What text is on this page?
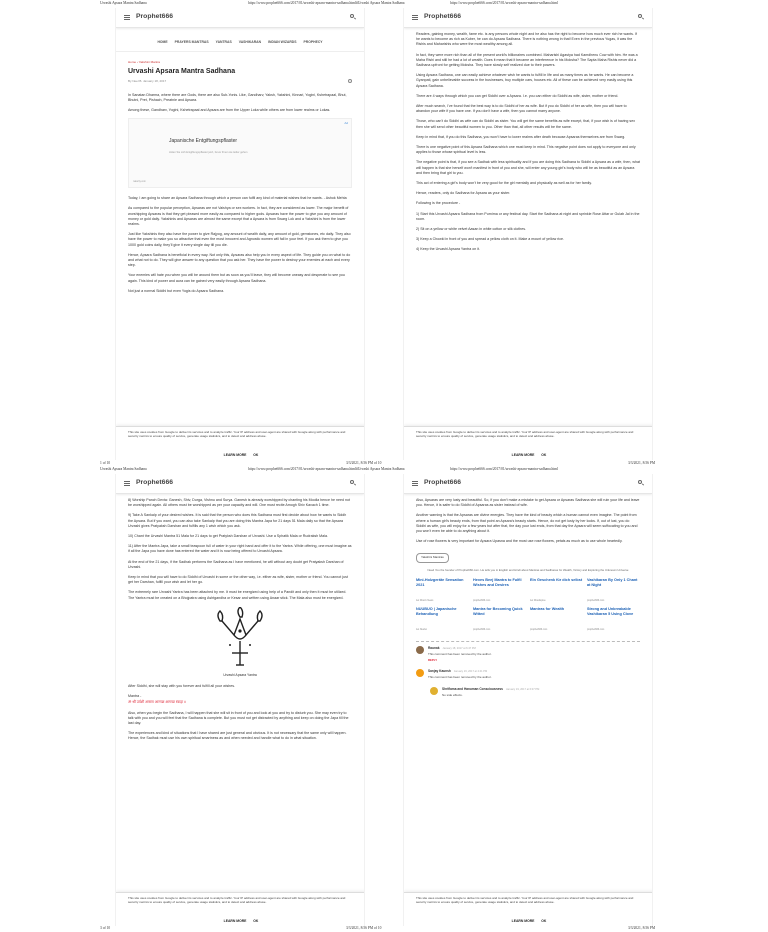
Urvashi Apsara Mantra Sadhana	https://www.prophet666.com/2017/01/urvashi-apsara-mantra-sadhana.html#Urvashi Apsara Mantra Sadhana	https://www.prophet666.com/2017/01/urvashi-apsara-mantra-sadhana.html
Urvashi Apsara Mantra Sadhana	https://www.prophet666.com/2017/01/urvashi-apsara-mantra-sadhana.html#Urvashi Apsara Mantra Sadhana	https://www.prophet666.com/2017/01/urvashi-apsara-mantra-sadhana.html
Prophet666
HOME PRAYERS MANTRAS YANTRAS VASHIKARAN INDIAN WIZARDS PROPHECY
Home › Yakshini Mantra
Urvashi Apsara Mantra Sadhana
By Neel B. January 18, 2017

In Sanatan Dharma, where there are Gods, there are also Sub-Yonis. Like, Gandharv, Yaksh, Yakshini, Kinnari, Yogini, Kshetrapaal, Bhut, Bhutni, Pret, Pishach, Preatnie and Apsara.

Among these, Gandharv, Yogini, Kshetrapaal and Apsara are from the Upper Loka while others are from lower realms or Lokas.

Ad
Japanische Entgiftungspflaster
Holen Sie sich Entgiftungspflaster jetzt, bevor Ihnen sie leider gehen
naturity.com

Today, I am going to share an Apsara Sadhana through which a person can fulfil any kind of material wishes that he wants. - Ashok Mehta

As compared to the popular perception, Apsaras are not Vaishya or sex workers. In fact, they are considered as lower. The major benefit of worshipping Apsaras is that they get pleased more easily as compared to higher gods. Apsaras have the power to give you any amount of money or gold daily. Yakshinis and Apsaras are almost the same except that a Apsara is from Swarg Lok and a Yakshini is from the lower realms.

Just like Yakshinis they also have the power to give Rajyog, any amount of wealth daily, any amount of gold, gemstones, etc daily. They also have the power to make you so attractive that even the most innocent and Agnostic women will fall in your feet. If you ask them to give you 1000 gold coins daily, they'll give it every single day till you die.

Hence, Apsara Sadhana is beneficial in every way. Not only this, Apsaras also help you in every aspect of life. They guide you on what to do and what not to do. They will give answer to any question that you ask her. They have the power to destroy your enemies at each and every step.

Your enemies will hate you when you will be around them but as soon as you'll leave, they will become uneasy and desperate to see you again. This kind of power and aura can be gained very easily through Apsara Sadhana.

Not just a normal Siddhi but even Yogis do Apsara Sadhana.

This site uses cookies from Google to deliver its services and to analyze traffic. Your IP address and user-agent are shared with Google along with performance and security metrics to ensure quality of service, generate usage statistics, and to detect and address abuse.
LEARN MORE OK
Prophet666

Readers, gaining money, wealth, fame etc. is any persons whole night and he also has the right to become how much ever rich he wants. If he wants to become as rich as Kuber, he can do Apsara Sadhana. There is nothing wrong in that! Even in the previous Yugas, it was the Rishis and Maharishis who were the most wealthy among all.

In fact, they were more rich than all of the present world's billionaires combined. Maharishi Agastya had Kamdhenu Cow with him. He was a Maha Rishi and still he had a lot of wealth. Does it mean that it became an interference in his Moksha? The Sapta Maha Rishis never did a Sadhana upfront for getting Moksha. They have slowly self realized due to their powers.

Using Apsara Sadhana, one can easily achieve whatever wish he wants to fulfill in life and as many times as he wants. He can become a Gyanpati, gain unbelievable success in the businesses, buy multiple cars, houses etc. All of these can be achieved very easily using this Apsara Sadhana.

There are 4 ways through which you can get Siddhi over a Apsara. I.e. you can either do Siddhi as wife, sister, mother or friend.

After much search, I've found that the best way is to do Siddhi of her as wife. But if you do Siddhi of her as wife, then you will have to abandon your wife if you have one. If you don't have a wife, then you cannot marry anyone.

Those, who can't do Siddhi as wife can do Siddhi as sister. You will get the same benefits as wife except, that, if your wish is of having sex then she will send other beautiful women to you. Other than that, all other results will be the same.

Keep in mind that, if you do this Sadhana, you won't have to lower realms after death because Apsaras themselves are from Swarg.

There is one negative point of this Apsara Sadhana which one must keep in mind. This negative point does not apply to everyone and only applies to those whose spiritual level is less.

The negative point is that, if you see a Sadhak with less spirituality and if you are doing this Sadhana to Siddhi a Apsara as a wife, then, what will happen is that she herself won't manifest in front of you and she, will enter any young girl's body who will be as beautiful as an Apsara and then bring that girl to you.

This act of entering a girl's body won't be very good for the girl mentally and physically as well as for her family.

Hence, readers, only do Sadhana for Apsara as your sister.

Following is the procedure -

1) Start this Urvashi Apsara Sadhana from Purnima or any festival day. Start the Sadhana at night and sprinkle Rose Attar or Gulab Jal in the room.

2) Sit on a yellow or white velvet Aasan in white cotton or silk clothes.

3) Keep a Chowki in front of you and spread a yellow cloth on it. Make a mount of yellow rice.

4) Keep the Urvashi Apsara Yantra on it.

This site uses cookies from Google to deliver its services and to analyze traffic. Your IP address and user-agent are shared with Google along with performance and security metrics to ensure quality of service, generate usage statistics, and to detect and address abuse.
LEARN MORE OK
1 of 10	3/3/2021, 8:56 PM of 10	3/3/2021, 8:56 PM
Prophet666

8) Worship Panch Devta: Ganesh, Shiv, Durga, Vishnu and Surya. Ganesh is already worshipped by chanting his Moolla hence he need not be worshipped again. All others must be worshipped as per your capacity and will. One must recite Amogh Shiv Kavach 1 time.

9) Take A Sankalp of your desired wishes. It is said that the person who does this Sadhana must first decide about how he wants to Siddh the Apsara. But if you want, you can also take Sankalp that you are doing this Mantra Japa for 21 days 51 Mala daily so that the Apsara Urvashi gives Pratyaksh Darshan and fulfills any 1 wish which you ask.

10) Chant the Urvashi Mantra 51 Mala for 21 days to get Pratyksh Darshan of Urvashi. Use a Sphatik Mala or Rudraksh Mala.

11) After the Mantra Japa, take a small teaspoon full of water in your right hand and offer it to the Yantra. While offering, one must imagine as if all the Japa you have done has entered the water and it is now being offered to Urvashi Apsara.

At the end of the 21 days, if the Sadhak performs the Sadhana as I have mentioned, he will without any doubt get Pratyaksh Darshan of Urvashi.

Keep in mind that you will have to do Siddhi of Urvashi in some or the other way, i.e. either as wife, sister, mother or friend. You cannot just get her Darshan, fulfill your wish and let her go.

The extremely rare Urvashi Yantra has been attached by me. It must be energized using help of a Pandit and only then it must be utilized. The Yantra must be created on a Bhojpatra using Ashtgandha or Kesar and written using Anaar stick. The Mala also must be energized.

Urvashi Apsara Yantra

After Siddhi, she will stay with you forever and fulfill all your wishes.

Mantra -

ॐ श्री उर्वशी अप्सरा आगच्छ आगच्छ स्वाहा ॥

Also, when you begin the Sadhana, I will happen that she will sit in front of you and look at you and try to disturb you. She may even try to talk with you and you will feel that the Sadhana is complete. But you must not get distracted by anything and keep on doing the Japa till the last day.

The experiences and kind of situations that I have shared are just general and obvious. It is not necessary that the same only will happen. Hence, the Sadhak must use his own spiritual smartness as and when needed and handle what to do in what situation.

This site uses cookies from Google to deliver its services and to analyze traffic. Your IP address and user-agent are shared with Google along with performance and security metrics to ensure quality of service, generate usage statistics, and to detect and address abuse.
LEARN MORE OK
Prophet666

Also, Apsaras are very lusty and beautiful. So, if you don't make a mistake to get Apsara or Apsaras Sadhana she will ruin your life and leave you. Hence, it is safer to do Siddhi of Apsaras as sister instead of wife.

Another warning is that the Apsaras are divine energies. They have the kind of beauty which a human cannot even imagine. The point from where a human girl's beauty ends, from that point an Apsara's beauty starts. Hence, do not get lusty by her looks. If, out of lust, you do Siddhi as wife, you will enjoy for a few years but after that, the day your lust ends, from that day the Apsara will seem suffocating to you and you won't even be able to do anything about it.

Use of rose flowers is very important for Apsara Upasna and the most use rose flowers, petals as much as to use whole heartedly.

Yakshini Mantras
Need You the founder of Prophet666.com. He tells you in English and Hindi about Mantras and Sadhanas for Wealth, Victory and Exploring the Unknown Universe
Mini-Holzgeräte Sensation 2021
Jet Woorv News
Hexes Beej Mantra to Fulfil Wishes and Desires
prophet666.com
Ein Geschenk für dich selbst
Jet Woodspice
Vashikaran By Only 1 Chant at Night
prophet666.com
NUUBUO | Japanische Behandlung
Jet Nuubo
Mantra for Becoming Quick Witted
prophet666.com
Mantras for Wealth
prophet666.com
Strong and Unbreakable Vashikaran 5 Using Clove
prophet666.com
Raunak January 18, 2017 at 6:47 PM
This comment has been removed by the author.
REPLY
Sanjay Kaunsh January 19, 2017 at 4:41 PM
This comment has been removed by the author.
Shriflama and Hanuman Consciousness January 19, 2017 at 6:07 PM
No side effects.
This site uses cookies from Google to deliver its services and to analyze traffic. Your IP address and user-agent are shared with Google along with performance and security metrics to ensure quality of service, generate usage statistics, and to detect and address abuse.
LEARN MORE OK
3 of 10	3/3/2021, 8:56 PM of 10	3/3/2021, 8:56 PM
